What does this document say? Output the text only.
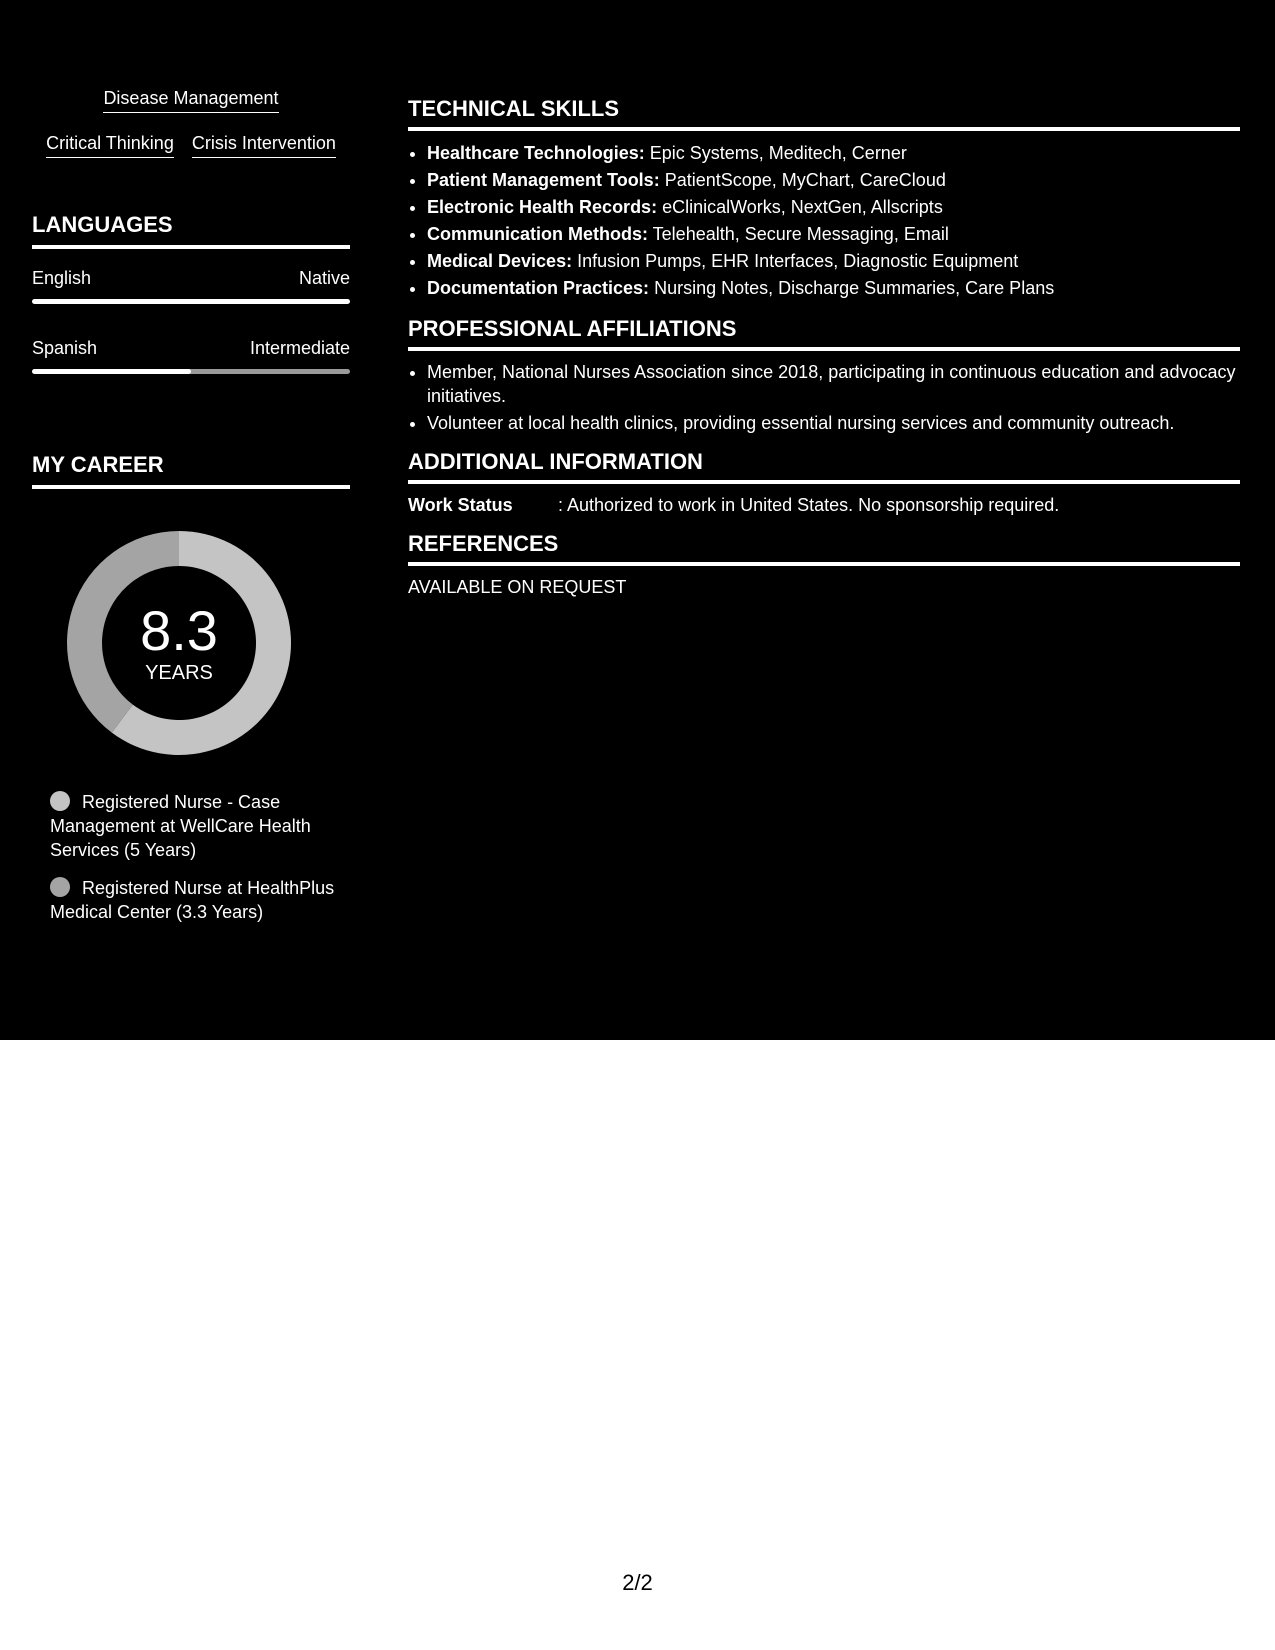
Disease Management
Critical Thinking Crisis Intervention
LANGUAGES
English	Native
Spanish	Intermediate
MY CAREER
8.3
YEARS
Registered Nurse - Case Management at WellCare Health Services (5 Years)
Registered Nurse at HealthPlus Medical Center (3.3 Years)
TECHNICAL SKILLS
• Healthcare Technologies: Epic Systems, Meditech, Cerner
• Patient Management Tools: PatientScope, MyChart, CareCloud
• Electronic Health Records: eClinicalWorks, NextGen, Allscripts
• Communication Methods: Telehealth, Secure Messaging, Email
• Medical Devices: Infusion Pumps, EHR Interfaces, Diagnostic Equipment
• Documentation Practices: Nursing Notes, Discharge Summaries, Care Plans
PROFESSIONAL AFFILIATIONS
• Member, National Nurses Association since 2018, participating in continuous education and advocacy initiatives.
• Volunteer at local health clinics, providing essential nursing services and community outreach.
ADDITIONAL INFORMATION
Work Status	: Authorized to work in United States. No sponsorship required.
REFERENCES
AVAILABLE ON REQUEST
2/2
